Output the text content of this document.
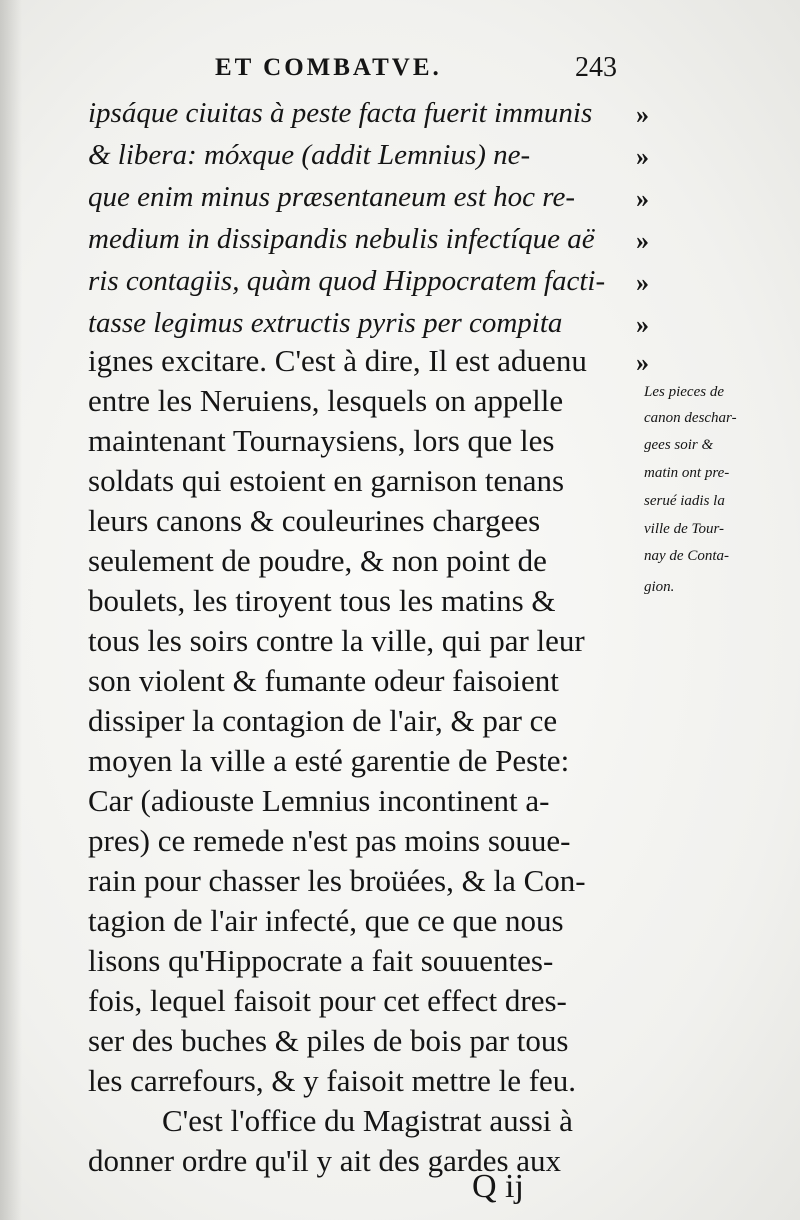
ET COMBATVE.	243
ipsáque ciuitas à peste facta fuerit immunis
& libera: móxque (addit Lemnius) ne-
que enim minus præsentaneum est hoc re-
medium in dissipandis nebulis infectíque aë
ris contagiis, quàm quod Hippocratem facti-
tasse legimus extructis pyris per compita
ignes excitare. C'est à dire, Il est aduenu
entre les Neruiens, lesquels on appelle
maintenant Tournaysiens, lors que les
soldats qui estoient en garnison tenans
leurs canons & couleurines chargees
seulement de poudre, & non point de
boulets, les tiroyent tous les matins &
tous les soirs contre la ville, qui par leur
son violent & fumante odeur faisoient
dissiper la contagion de l'air, & par ce
moyen la ville a esté garentie de Peste:
Car (adiouste Lemnius incontinent a-
pres) ce remede n'est pas moins souue-
rain pour chasser les broüées, & la Con-
tagion de l'air infecté, que ce que nous
lisons qu'Hippocrate a fait souuentes-
fois, lequel faisoit pour cet effect dres-
ser des buches & piles de bois par tous
les carrefours, & y faisoit mettre le feu.
C'est l'office du Magistrat aussi à
donner ordre qu'il y ait des gardes aux
»
»
»
»
»
»
»
Les pieces de
canon deschar-
gees soir &
matin ont pre-
serué iadis la
ville de Tour-
nay de Conta-
gion.
Q ij
